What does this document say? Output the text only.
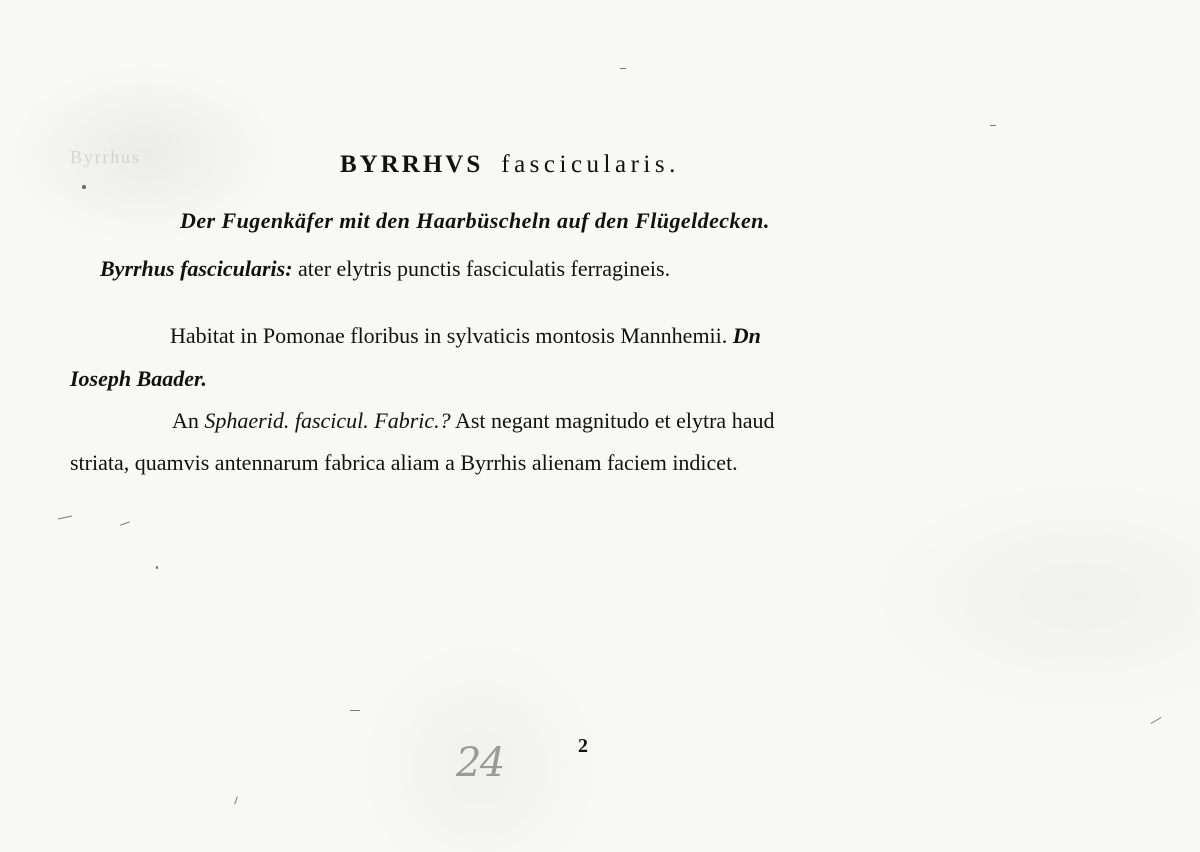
Byrrhus	BYRRHVS fascicularis.
Der Fugenkäfer mit den Haarbüscheln auf den Flügeldecken.
Byrrhus fascicularis: ater elytris punctis fasciculatis ferragineis.
Habitat in Pomonae floribus in sylvaticis montosis Mannhemii. Dn
Ioseph Baader.
An Sphaerid. fascicul. Fabric.? Ast negant magnitudo et elytra haud
striata, quamvis antennarum fabrica aliam a Byrrhis alienam faciem indicet.
24	2
